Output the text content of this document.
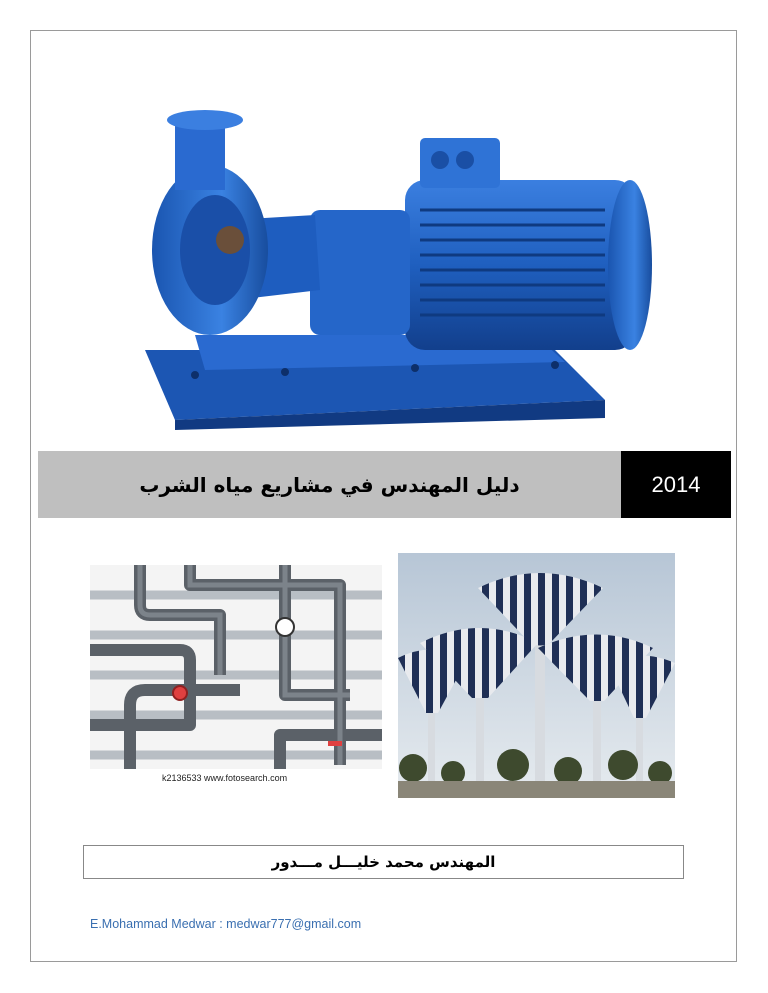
دليل المهندس في مشاريع مياه الشرب	2014
k2136533 www.fotosearch.com
المهندس محمد خليـــل مـــدور
E.Mohammad Medwar : medwar777@gmail.com
